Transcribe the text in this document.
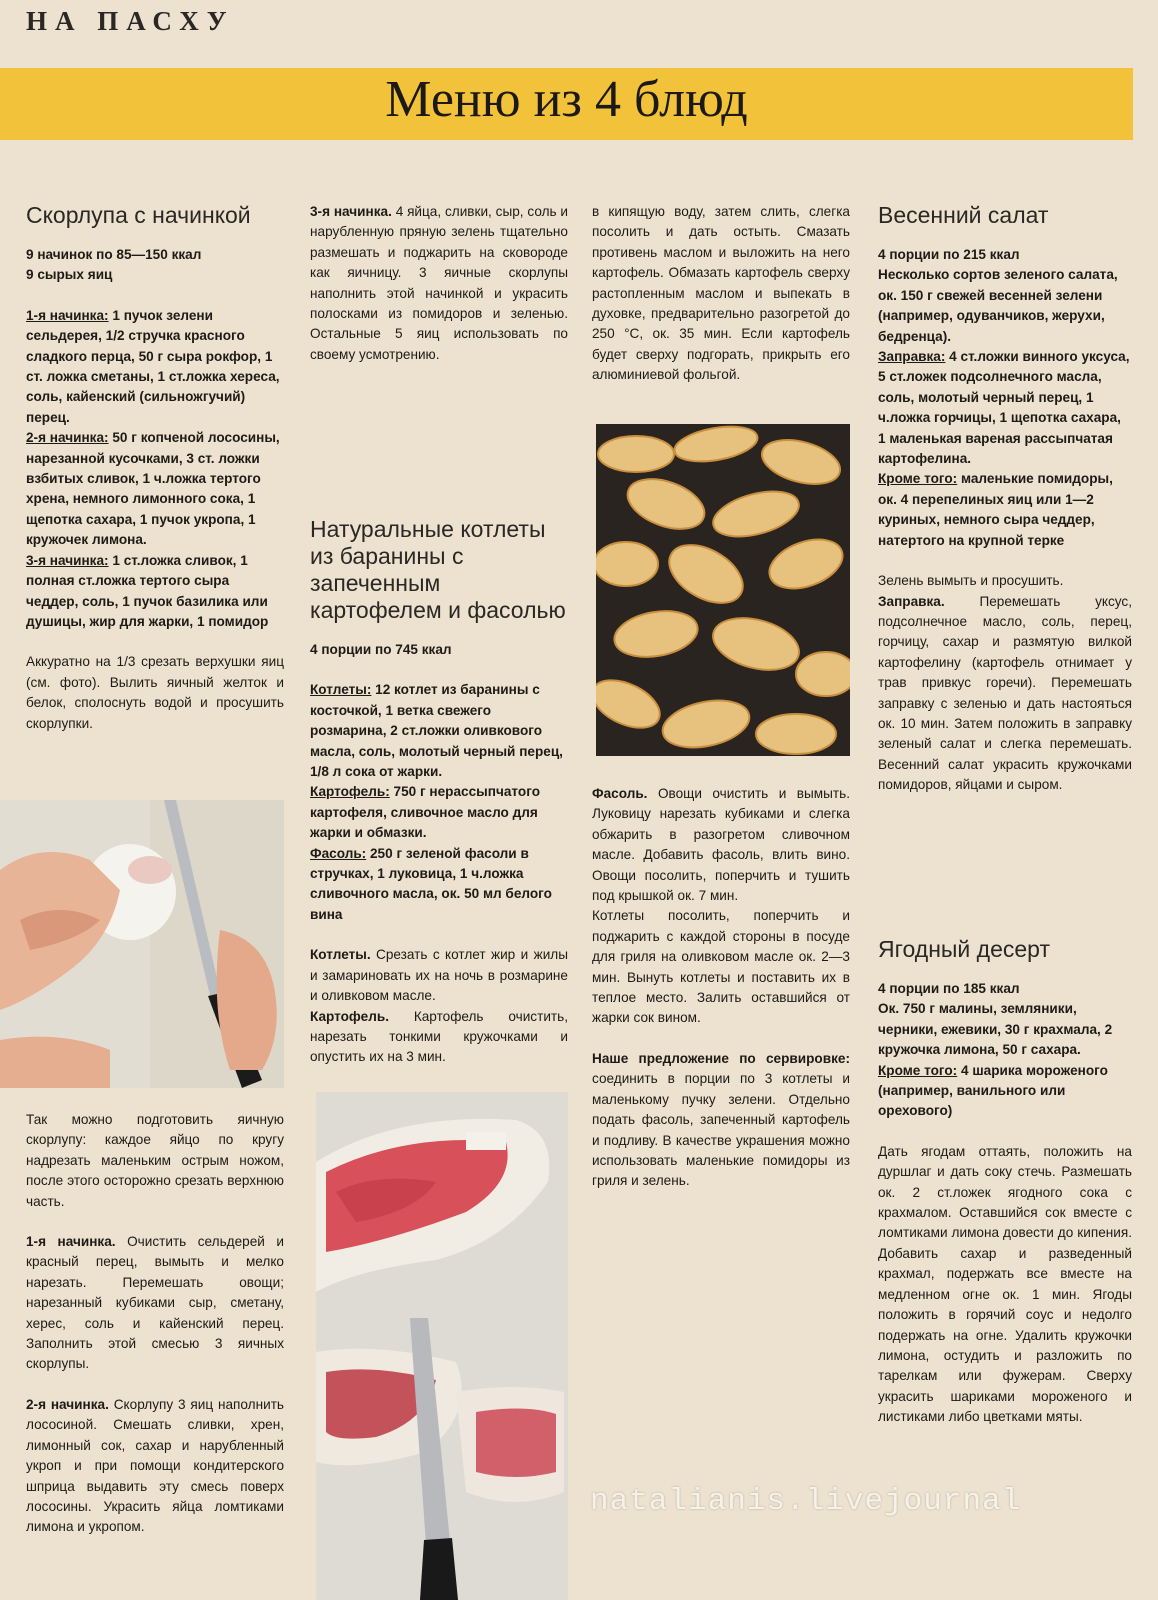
НА ПАСХУ
Меню из 4 блюд
Скорлупа с начинкой

9 начинок по 85—150 ккал
9 сырых яиц

1-я начинка: 1 пучок зелени сельдерея, 1/2 стручка красного сладкого перца, 50 г сыра рокфор, 1 ст. ложка сметаны, 1 ст.ложка хереса, соль, кайенский (сильножгучий) перец.

2-я начинка: 50 г копченой лососины, нарезанной кусочками, 3 ст. ложки взбитых сливок, 1 ч.ложка тертого хрена, немного лимонного сока, 1 щепотка сахара, 1 пучок укропа, 1 кружочек лимона.

3-я начинка: 1 ст.ложка сливок, 1 полная ст.ложка тертого сыра чеддер, соль, 1 пучок базилика или душицы, жир для жарки, 1 помидор

Аккуратно на 1/3 срезать верхушки яиц (см. фото). Вылить яичный желток и белок, сполоснуть водой и просушить скорлупки.

Так можно подготовить яичную скорлупу: каждое яйцо по кругу надрезать маленьким острым ножом, после этого осторожно срезать верхнюю часть.

1-я начинка. Очистить сельдерей и красный перец, вымыть и мелко нарезать. Перемешать овощи; нарезанный кубиками сыр, сметану, херес, соль и кайенский перец. Заполнить этой смесью 3 яичных скорлупы.

2-я начинка. Скорлупу 3 яиц наполнить лососиной. Смешать сливки, хрен, лимонный сок, сахар и нарубленный укроп и при помощи кондитерского шприца выдавить эту смесь поверх лососины. Украсить яйца ломтиками лимона и укропом.

3-я начинка. 4 яйца, сливки, сыр, соль и нарубленную пряную зелень тщательно размешать и поджарить на сковороде как яичницу. 3 яичные скорлупы наполнить этой начинкой и украсить полосками из помидоров и зеленью. Остальные 5 яиц использовать по своему усмотрению.

Натуральные котлеты из баранины с запеченным картофелем и фасолью

4 порции по 745 ккал

Котлеты: 12 котлет из баранины с косточкой, 1 ветка свежего розмарина, 2 ст.ложки оливкового масла, соль, молотый черный перец, 1/8 л сока от жарки.

Картофель: 750 г нерассыпчатого картофеля, сливочное масло для жарки и обмазки.

Фасоль: 250 г зеленой фасоли в стручках, 1 луковица, 1 ч.ложка сливочного масла, ок. 50 мл белого вина

Котлеты. Срезать с котлет жир и жилы и замариновать их на ночь в розмарине и оливковом масле.

Картофель. Картофель очистить, нарезать тонкими кружочками и опустить их на 3 мин.

в кипящую воду, затем слить, слегка посолить и дать остыть. Смазать противень маслом и выложить на него картофель. Обмазать картофель сверху растопленным маслом и выпекать в духовке, предварительно разогретой до 250 °С, ок. 35 мин. Если картофель будет сверху подгорать, прикрыть его алюминиевой фольгой.

Фасоль. Овощи очистить и вымыть. Луковицу нарезать кубиками и слегка обжарить в разогретом сливочном масле. Добавить фасоль, влить вино. Овощи посолить, поперчить и тушить под крышкой ок. 7 мин.

Котлеты посолить, поперчить и поджарить с каждой стороны в посуде для гриля на оливковом масле ок. 2—3 мин. Вынуть котлеты и поставить их в теплое место. Залить оставшийся от жарки сок вином.

Наше предложение по сервировке: соединить в порции по 3 котлеты и маленькому пучку зелени. Отдельно подать фасоль, запеченный картофель и подливу. В качестве украшения можно использовать маленькие помидоры из гриля и зелень.

Весенний салат

4 порции по 215 ккал

Несколько сортов зеленого салата, ок. 150 г свежей весенней зелени (например, одуванчиков, жерухи, бедренца).

Заправка: 4 ст.ложки винного уксуса, 5 ст.ложек подсолнечного масла, соль, молотый черный перец, 1 ч.ложка горчицы, 1 щепотка сахара, 1 маленькая вареная рассыпчатая картофелина.

Кроме того: маленькие помидоры, ок. 4 перепелиных яиц или 1—2 куриных, немного сыра чеддер, натертого на крупной терке

Зелень вымыть и просушить.

Заправка. Перемешать уксус, подсолнечное масло, соль, перец, горчицу, сахар и размятую вилкой картофелину (картофель отнимает у трав привкус горечи). Перемешать заправку с зеленью и дать настояться ок. 10 мин. Затем положить в заправку зеленый салат и слегка перемешать. Весенний салат украсить кружочками помидоров, яйцами и сыром.

Ягодный десерт

4 порции по 185 ккал

Ок. 750 г малины, земляники, черники, ежевики, 30 г крахмала, 2 кружочка лимона, 50 г сахара.

Кроме того: 4 шарика мороженого (например, ванильного или орехового)

Дать ягодам оттаять, положить на дуршлаг и дать соку стечь. Размешать ок. 2 ст.ложек ягодного сока с крахмалом. Оставшийся сок вместе с ломтиками лимона довести до кипения. Добавить сахар и разведенный крахмал, подержать все вместе на медленном огне ок. 1 мин. Ягоды положить в горячий соус и недолго подержать на огне. Удалить кружочки лимона, остудить и разложить по тарелкам или фужерам. Сверху украсить шариками мороженого и листиками либо цветками мяты.

natalianis.livejournal
